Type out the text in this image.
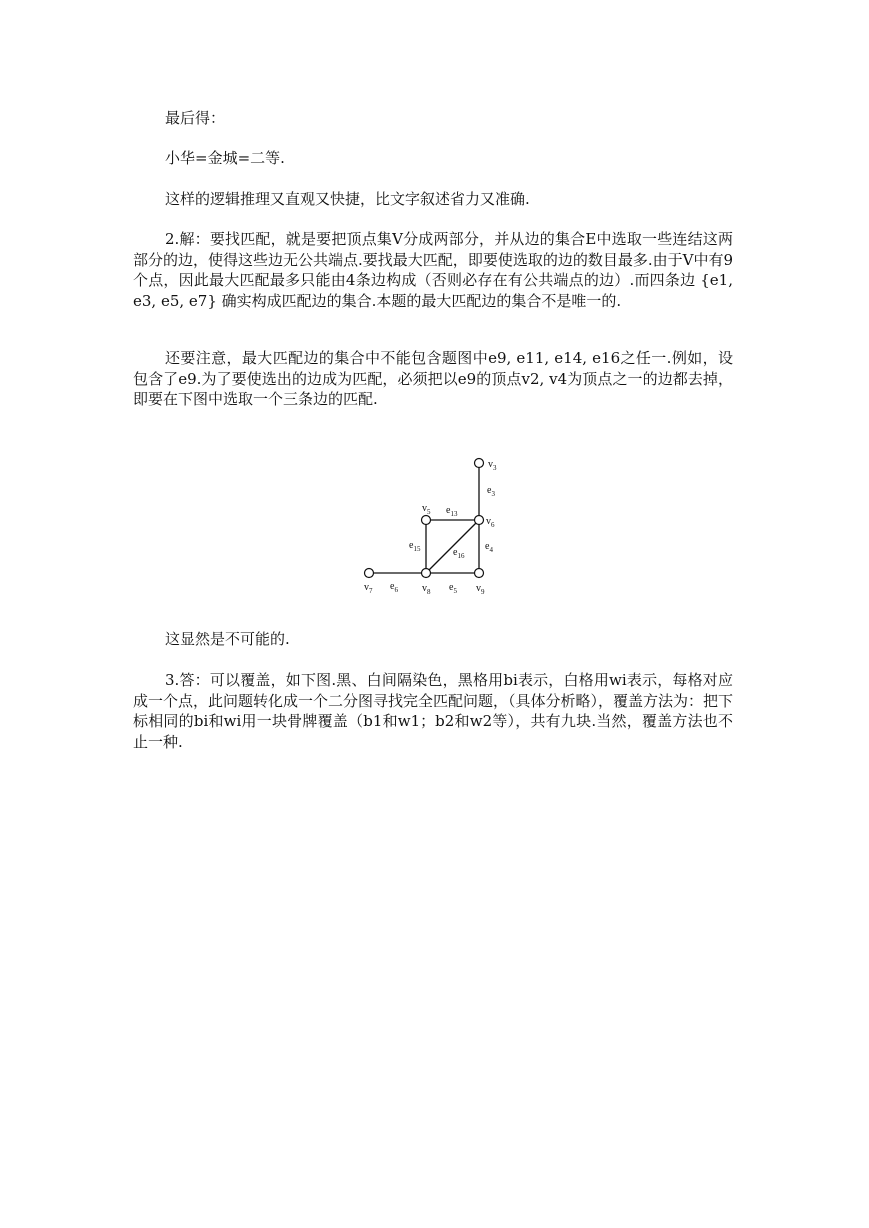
最后得：

小华=金城=二等.

这样的逻辑推理又直观又快捷，比文字叙述省力又准确.

2.解：要找匹配，就是要把顶点集V分成两部分，并从边的集合E中选取一些连结这两部分的边，使得这些边无公共端点.要找最大匹配，即要使选取的边的数目最多.由于V中有9个点，因此最大匹配最多只能由4条边构成（否则必存在有公共端点的边）.而四条边 {e1, e3, e5, e7} 确实构成匹配边的集合.本题的最大匹配边的集合不是唯一的.

还要注意，最大匹配边的集合中不能包含题图中e9, e11, e14, e16之任一.例如，设包含了e9.为了要使选出的边成为匹配，必须把以e9的顶点v2, v4为顶点之一的边都去掉，即要在下图中选取一个三条边的匹配.

$v_3$
$v_5$
$v_6$
$v_7$	$v_8$	$v_9$
$e_3$
$e_{13}$
$e_{15}$	$e_{16}$
$e_4$
$e_6$	$e_5$

这显然是不可能的.

3.答：可以覆盖，如下图.黑、白间隔染色，黑格用bi表示，白格用wi表示，每格对应成一个点，此问题转化成一个二分图寻找完全匹配问题，（具体分析略），覆盖方法为：把下标相同的bi和wi用一块骨牌覆盖（b1和w1；b2和w2等），共有九块.当然，覆盖方法也不止一种.
